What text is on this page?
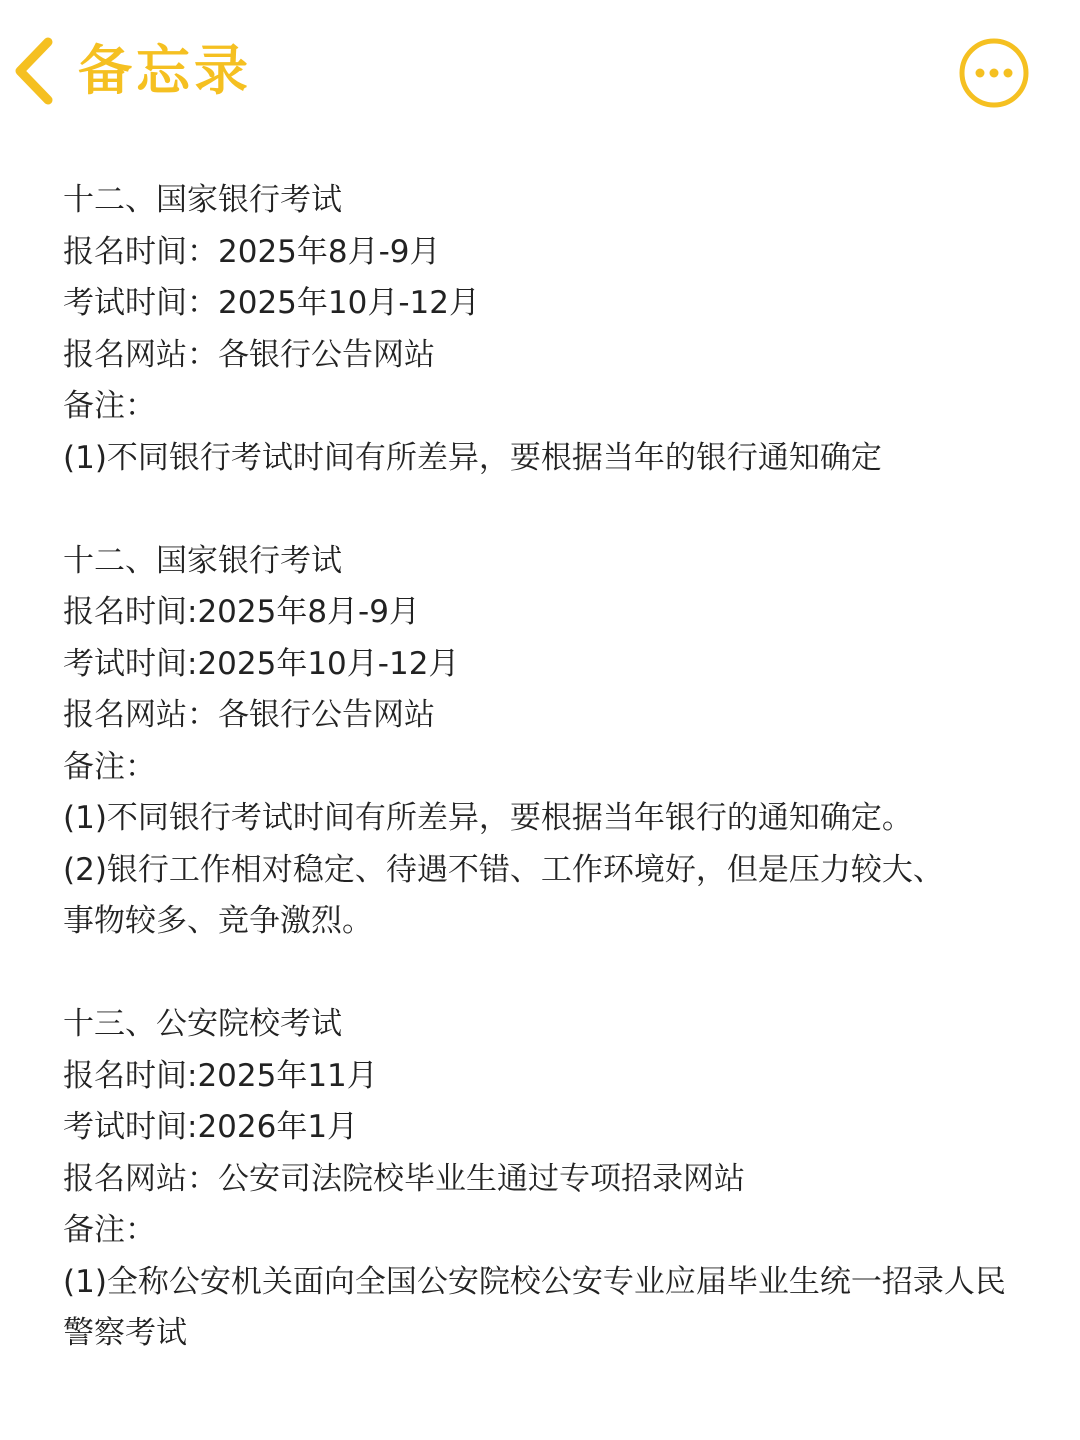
备忘录
十二、国家银行考试
报名时间：2025年8月-9月
考试时间：2025年10月-12月
报名网站：各银行公告网站
备注：
(1)不同银行考试时间有所差异，要根据当年的银行通知确定
十二、国家银行考试
报名时间:2025年8月-9月
考试时间:2025年10月-12月
报名网站：各银行公告网站
备注：
(1)不同银行考试时间有所差异，要根据当年银行的通知确定。
(2)银行工作相对稳定、待遇不错、工作环境好，但是压力较大、
事物较多、竞争激烈。
十三、公安院校考试
报名时间:2025年11月
考试时间:2026年1月
报名网站：公安司法院校毕业生通过专项招录网站
备注：
(1)全称公安机关面向全国公安院校公安专业应届毕业生统一招录人民
警察考试
